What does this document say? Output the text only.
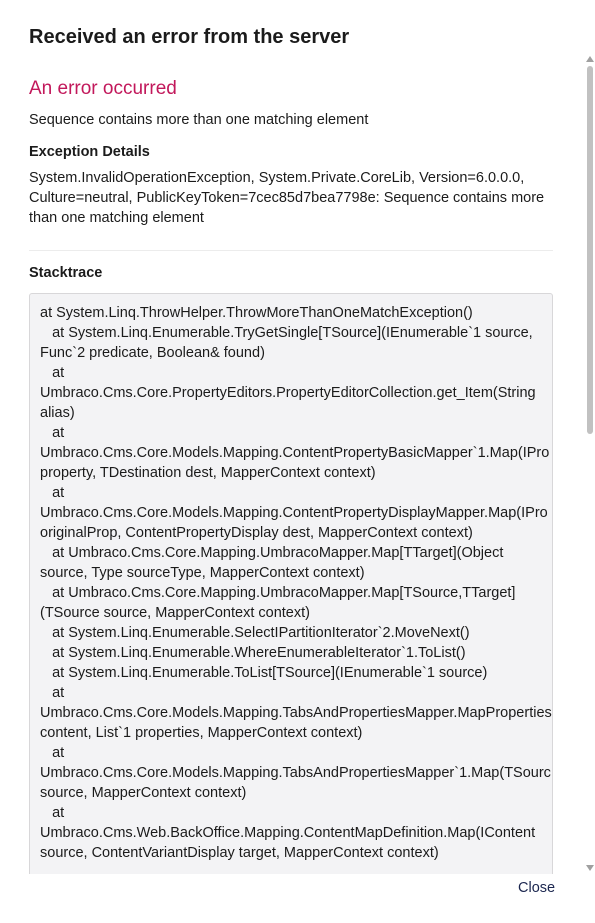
Received an error from the server
An error occurred

Sequence contains more than one matching element

Exception Details

System.InvalidOperationException, System.Private.CoreLib, Version=6.0.0.0, Culture=neutral, PublicKeyToken=7cec85d7bea7798e: Sequence contains more than one matching element

Stacktrace
at System.Linq.ThrowHelper.ThrowMoreThanOneMatchException()
at System.Linq.Enumerable.TryGetSingle[TSource](IEnumerable`1 source,
Func`2 predicate, Boolean& found)
at
Umbraco.Cms.Core.PropertyEditors.PropertyEditorCollection.get_Item(String
alias)
at
Umbraco.Cms.Core.Models.Mapping.ContentPropertyBasicMapper`1.Map(IPro
property, TDestination dest, MapperContext context)
at
Umbraco.Cms.Core.Models.Mapping.ContentPropertyDisplayMapper.Map(IPro
originalProp, ContentPropertyDisplay dest, MapperContext context)
at Umbraco.Cms.Core.Mapping.UmbracoMapper.Map[TTarget](Object
source, Type sourceType, MapperContext context)
at Umbraco.Cms.Core.Mapping.UmbracoMapper.Map[TSource,TTarget]
(TSource source, MapperContext context)
at System.Linq.Enumerable.SelectIPartitionIterator`2.MoveNext()
at System.Linq.Enumerable.WhereEnumerableIterator`1.ToList()
at System.Linq.Enumerable.ToList[TSource](IEnumerable`1 source)
at
Umbraco.Cms.Core.Models.Mapping.TabsAndPropertiesMapper.MapProperties
content, List`1 properties, MapperContext context)
at
Umbraco.Cms.Core.Models.Mapping.TabsAndPropertiesMapper`1.Map(TSourc
source, MapperContext context)
at
Umbraco.Cms.Web.BackOffice.Mapping.ContentMapDefinition.Map(IContent
source, ContentVariantDisplay target, MapperContext context)
Close
